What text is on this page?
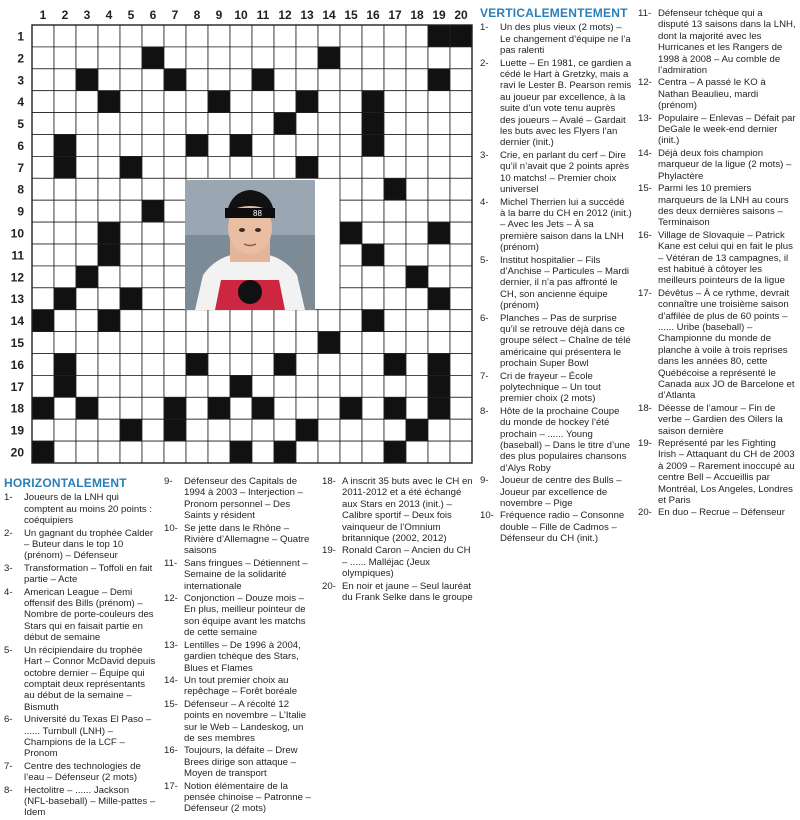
1 2 3 4 5 6 7 8 9 10 11 12 13 14 15 16 17 18 19 20
1
2
3
4
5
6
7
8
9
10
11
12
13
14
15
16
17
18
19
20
88
HORIZONTALEMENT
1-	Joueurs de la LNH qui comptent au moins 20 points : coéquipiers
2-	Un gagnant du trophée Calder – Buteur dans le top 10 (prénom) – Défenseur
3-	Transformation – Toffoli en fait partie – Acte
4-	American League – Demi offensif des Bills (prénom) – Nombre de porte-couleurs des Stars qui en faisait partie en début de semaine
5-	Un récipiendaire du trophée Hart – Connor McDavid depuis octobre dernier – Équipe qui comptait deux représentants au début de la semaine – Bismuth
6-	Université du Texas El Paso – ...... Turnbull (LNH) – Champions de la LCF – Pronom
7-	Centre des technologies de l’eau – Défenseur (2 mots)
8-	Hectolitre – ...... Jackson (NFL-baseball) – Mille-pattes – Idem
9-	Défenseur des Capitals de 1994 à 2003 – Interjection – Pronom personnel – Des Saints y résident
10- Se jette dans le Rhône – Rivière d’Allemagne – Quatre saisons
11- Sans fringues – Détiennent – Semaine de la solidarité internationale
12- Conjonction – Douze mois – En plus, meilleur pointeur de son équipe avant les matchs de cette semaine
13- Lentilles – De 1996 à 2004, gardien tchèque des Stars, Blues et Flames
14- Un tout premier choix au repêchage – Forêt boréale
15- Défenseur – A récolté 12 points en novembre – L’Italie sur le Web – Landeskog, un de ses membres
16- Toujours, la défaite – Drew Brees dirige son attaque – Moyen de transport
17- Notion élémentaire de la pensée chinoise – Patronne – Défenseur (2 mots)
18- A inscrit 35 buts avec le CH en 2011-2012 et a été échangé aux Stars en 2013 (init.) – Calibre sportif – Deux fois vainqueur de l’Omnium britannique (2002, 2012)
19- Ronald Caron – Ancien du CH – ...... Malléjac (Jeux olympiques)
20- En noir et jaune – Seul lauréat du Frank Selke dans le groupe
VERTICALEMENTEMENT
1-	Un des plus vieux (2 mots) – Le changement d’équipe ne l’a pas ralenti
2-	Luette – En 1981, ce gardien a cédé le Hart à Gretzky, mais a ravi le Lester B. Pearson remis au joueur par excellence, à la suite d’un vote tenu auprès des joueurs – Avalé – Gardait les buts avec les Flyers l’an dernier (init.)
3-	Crie, en parlant du cerf – Dire qu’il n’avait que 2 points après 10 matchs! – Premier choix universel
4-	Michel Therrien lui a succédé à la barre du CH en 2012 (init.) – Avec les Jets – À sa première saison dans la LNH (prénom)
5-	Institut hospitalier – Fils d’Anchise – Particules – Mardi dernier, il n’a pas affronté le CH, son ancienne équipe (prénom)
6-	Planches – Pas de surprise qu’il se retrouve déjà dans ce groupe sélect – Chaîne de télé américaine qui présentera le prochain Super Bowl
7-	Cri de frayeur – École polytechnique – Un tout premier choix (2 mots)
8-	Hôte de la prochaine Coupe du monde de hockey l’été prochain – ...... Young (baseball) – Dans le titre d’une des plus populaires chansons d’Alys Roby
9-	Joueur de centre des Bulls – Joueur par excellence de novembre – Pige
10- Fréquence radio – Consonne double – Fille de Cadmos – Défenseur du CH (init.)
11- Défenseur tchèque qui a disputé 13 saisons dans la LNH, dont la majorité avec les Hurricanes et les Rangers de 1998 à 2008 – Au comble de l’admiration
12- Centra – A passé le KO à Nathan Beaulieu, mardi (prénom)
13- Populaire – Enlevas – Défait par DeGale le week-end dernier (init.)
14- Déjà deux fois champion marqueur de la ligue (2 mots) – Phylactère
15- Parmi les 10 premiers marqueurs de la LNH au cours des deux dernières saisons – Terminaison
16- Village de Slovaquie – Patrick Kane est celui qui en fait le plus – Vétéran de 13 campagnes, il est habitué à côtoyer les meilleurs pointeurs de la ligue
17- Dévêtus – À ce rythme, devrait connaître une troisième saison d’affilée de plus de 60 points – ...... Uribe (baseball) – Championne du monde de planche à voile à trois reprises dans les années 80, cette Québécoise a représenté le Canada aux JO de Barcelone et d’Atlanta
18- Déesse de l’amour – Fin de verbe – Gardien des Oilers la saison dernière
19- Représenté par les Fighting Irish – Attaquant du CH de 2003 à 2009 – Rarement inoccupé au centre Bell – Accueillis par Montréal, Los Angeles, Londres et Paris
20- En duo – Recrue – Défenseur
